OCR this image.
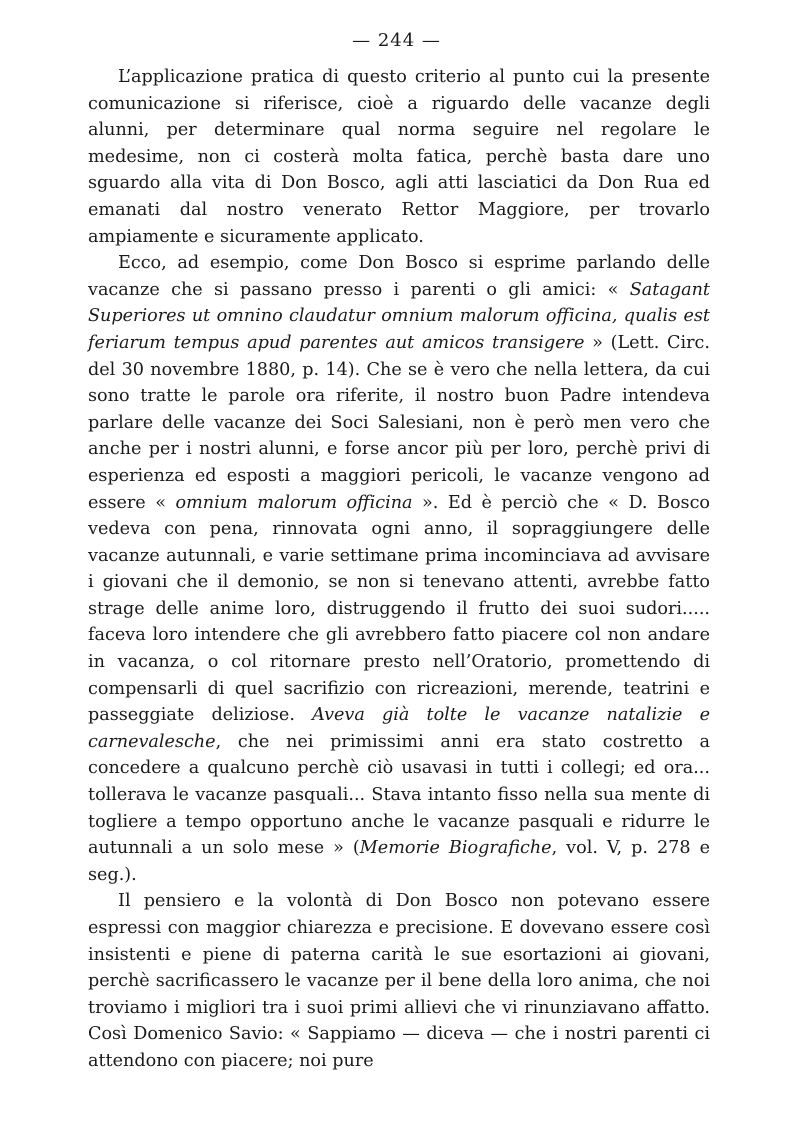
— 244 —

L’applicazione pratica di questo criterio al punto cui la presente comunicazione si riferisce, cioè a riguardo delle vacanze degli alunni, per determinare qual norma seguire nel regolare le medesime, non ci costerà molta fatica, perchè basta dare uno sguardo alla vita di Don Bosco, agli atti lasciatici da Don Rua ed emanati dal nostro venerato Rettor Maggiore, per trovarlo ampiamente e sicuramente applicato.

Ecco, ad esempio, come Don Bosco si esprime parlando delle vacanze che si passano presso i parenti o gli amici: « Satagant Superiores ut omnino claudatur omnium malorum officina, qualis est feriarum tempus apud parentes aut amicos transigere » (Lett. Circ. del 30 novembre 1880, p. 14). Che se è vero che nella lettera, da cui sono tratte le parole ora riferite, il nostro buon Padre intendeva parlare delle vacanze dei Soci Salesiani, non è però men vero che anche per i nostri alunni, e forse ancor più per loro, perchè privi di esperienza ed esposti a maggiori pericoli, le vacanze vengono ad essere « omnium malorum officina ». Ed è perciò che « D. Bosco vedeva con pena, rinnovata ogni anno, il sopraggiungere delle vacanze autunnali, e varie settimane prima incominciava ad avvisare i giovani che il demonio, se non si tenevano attenti, avrebbe fatto strage delle anime loro, distruggendo il frutto dei suoi sudori..... faceva loro intendere che gli avrebbero fatto piacere col non andare in vacanza, o col ritornare presto nell’Oratorio, promettendo di compensarli di quel sacrifizio con ricreazioni, merende, teatrini e passeggiate deliziose. Aveva già tolte le vacanze natalizie e carnevalesche, che nei primissimi anni era stato costretto a concedere a qualcuno perchè ciò usavasi in tutti i collegi; ed ora... tollerava le vacanze pasquali... Stava intanto fisso nella sua mente di togliere a tempo opportuno anche le vacanze pasquali e ridurre le autunnali a un solo mese » (Memorie Biografiche, vol. V, p. 278 e seg.).

Il pensiero e la volontà di Don Bosco non potevano essere espressi con maggior chiarezza e precisione. E dovevano essere così insistenti e piene di paterna carità le sue esortazioni ai giovani, perchè sacrificassero le vacanze per il bene della loro anima, che noi troviamo i migliori tra i suoi primi allievi che vi rinunziavano affatto. Così Domenico Savio: « Sappiamo — diceva — che i nostri parenti ci attendono con piacere; noi pure
